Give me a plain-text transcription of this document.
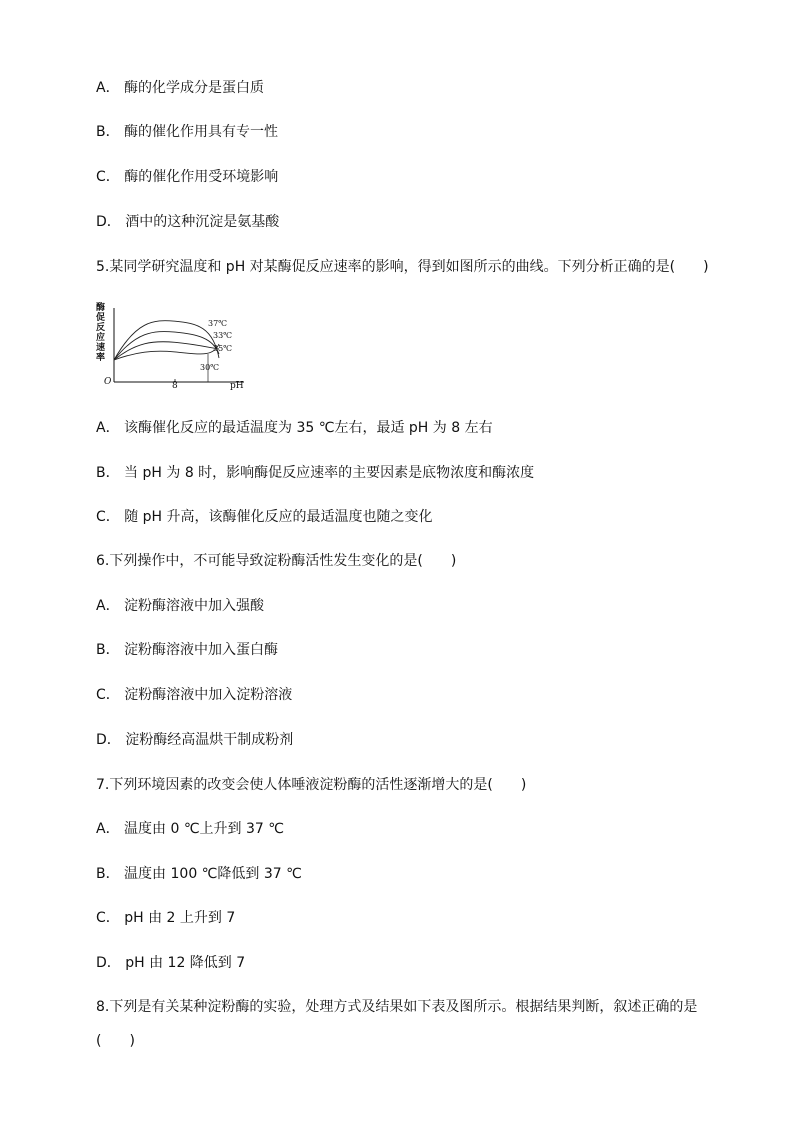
A． 酶的化学成分是蛋白质
B． 酶的催化作用具有专一性
C． 酶的催化作用受环境影响
D． 酒中的这种沉淀是氨基酸
5.某同学研究温度和 pH 对某酶促反应速率的影响，得到如图所示的曲线。下列分析正确的是(　　)
酶
促
反
应
速
率
O	pH
8
37℃
33℃
35℃
30℃
A． 该酶催化反应的最适温度为 35 ℃左右，最适 pH 为 8 左右
B． 当 pH 为 8 时，影响酶促反应速率的主要因素是底物浓度和酶浓度
C． 随 pH 升高，该酶催化反应的最适温度也随之变化
6.下列操作中，不可能导致淀粉酶活性发生变化的是(　　)
A． 淀粉酶溶液中加入强酸
B． 淀粉酶溶液中加入蛋白酶
C． 淀粉酶溶液中加入淀粉溶液
D． 淀粉酶经高温烘干制成粉剂
7.下列环境因素的改变会使人体唾液淀粉酶的活性逐渐增大的是(　　)
A． 温度由 0 ℃上升到 37 ℃
B． 温度由 100 ℃降低到 37 ℃
C． pH 由 2 上升到 7
D． pH 由 12 降低到 7
8.下列是有关某种淀粉酶的实验，处理方式及结果如下表及图所示。根据结果判断，叙述正确的是
(　　)
